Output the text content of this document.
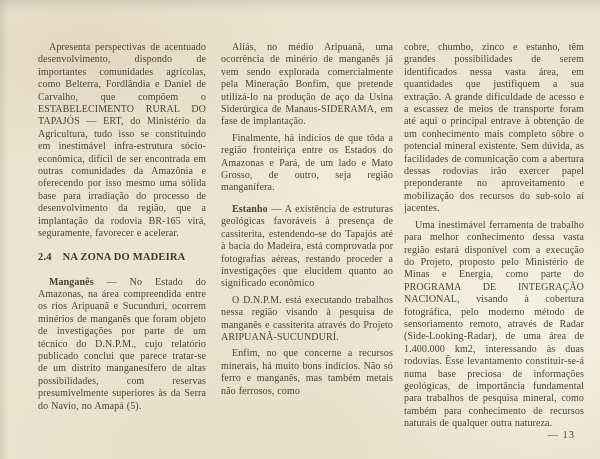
Apresenta perspectivas de acentuado desenvolvimento, dispondo de importantes comunidades agrícolas, como Belterra, Fordlândia e Daniel de Carvalho, que compõem o ESTABELECIMENTO RURAL DO TAPAJÓS — ERT, do Ministério da Agricultura, tudo isso se constituindo em inestimável infra-estrutura sócio-econômica, difícil de ser encontrada em outras comunidades da Amazônia e oferecendo por isso mesmo uma sólida base para irradiação do processo de desenvolvimento da região, que a implantação da rodovia BR-165 virá, seguramente, favorecer e acelerar.

2.4 NA ZONA DO MADEIRA

Manganês — No Estado do Amazonas, na área compreendida entre os rios Aripuanã e Sucunduri, ocorrem minérios de manganês que foram objeto de investigações por parte de um técnico do D.N.P.M., cujo relatório publicado conclui que parece tratar-se de um distrito manganesífero de altas possibilidades, com reservas presumivelmente superiores às da Serra do Navio, no Amapá (5).

Aliás, no médio Aripuanã, uma ocorrência de minério de manganês já vem sendo explorada comercialmente pela Mineração Bonfim, que pretende utilizá-lo na produção de aço da Usina Siderúrgica de Manaus-SIDERAMA, em fase de implantação.

Finalmente, há indícios de que tôda a região fronteiriça entre os Estados do Amazonas e Pará, de um lado e Mato Grosso, de outro, seja região manganífera.

Estanho — A existência de estruturas geológicas favoráveis à presença de cassiterita, estendendo-se do Tapajós até à bacia do Madeira, está comprovada por fotografias aéreas, restando proceder a investigações que elucidem quanto ao significado econômico

O D.N.P.M. está executando trabalhos nessa região visando à pesquisa de manganês e cassiterita através do Projeto ARIPUANÃ-SUCUNDURÍ.

Enfim, no que concerne a recursos minerais, há muito bons indícios. Não só ferro e manganês, mas também metais não ferrosos, como

cobre, chumbo, zinco e estanho, têm grandes possibilidades de serem identificados nessa vasta área, em quantidades que justifiquem a sua extração. A grande dificuldade de acesso e a escassez de meios de transporte foram até aqui o principal entrave à obtenção de um conhecimento mais completo sôbre o potencial mineral existente. Sem dúvida, as facilidades de comunicação com a abertura dessas rodovias irão exercer papel preponderante no aproveitamento e mobilização dos recursos do sub-solo aí jacentes.

Uma inestimável ferramenta de trabalho para melhor conhecimento dessa vasta região estará disponível com a execução do Projeto, proposto pelo Ministério de Minas e Energia, como parte do PROGRAMA DE INTEGRAÇÃO NACIONAL, visando à cobertura fotográfica, pelo moderno método de sensoriamento remoto, através de Radar (Side-Looking-Radar), de uma área de 1.400.000 km2, interessando às duas rodovias. Êsse levantamento constituir-se-á numa base preciosa de informações geológicas, de importância fundamental para trabalhos de pesquisa mineral, como também para conhecimento de recursos naturais de qualquer outra natureza.

— 13
